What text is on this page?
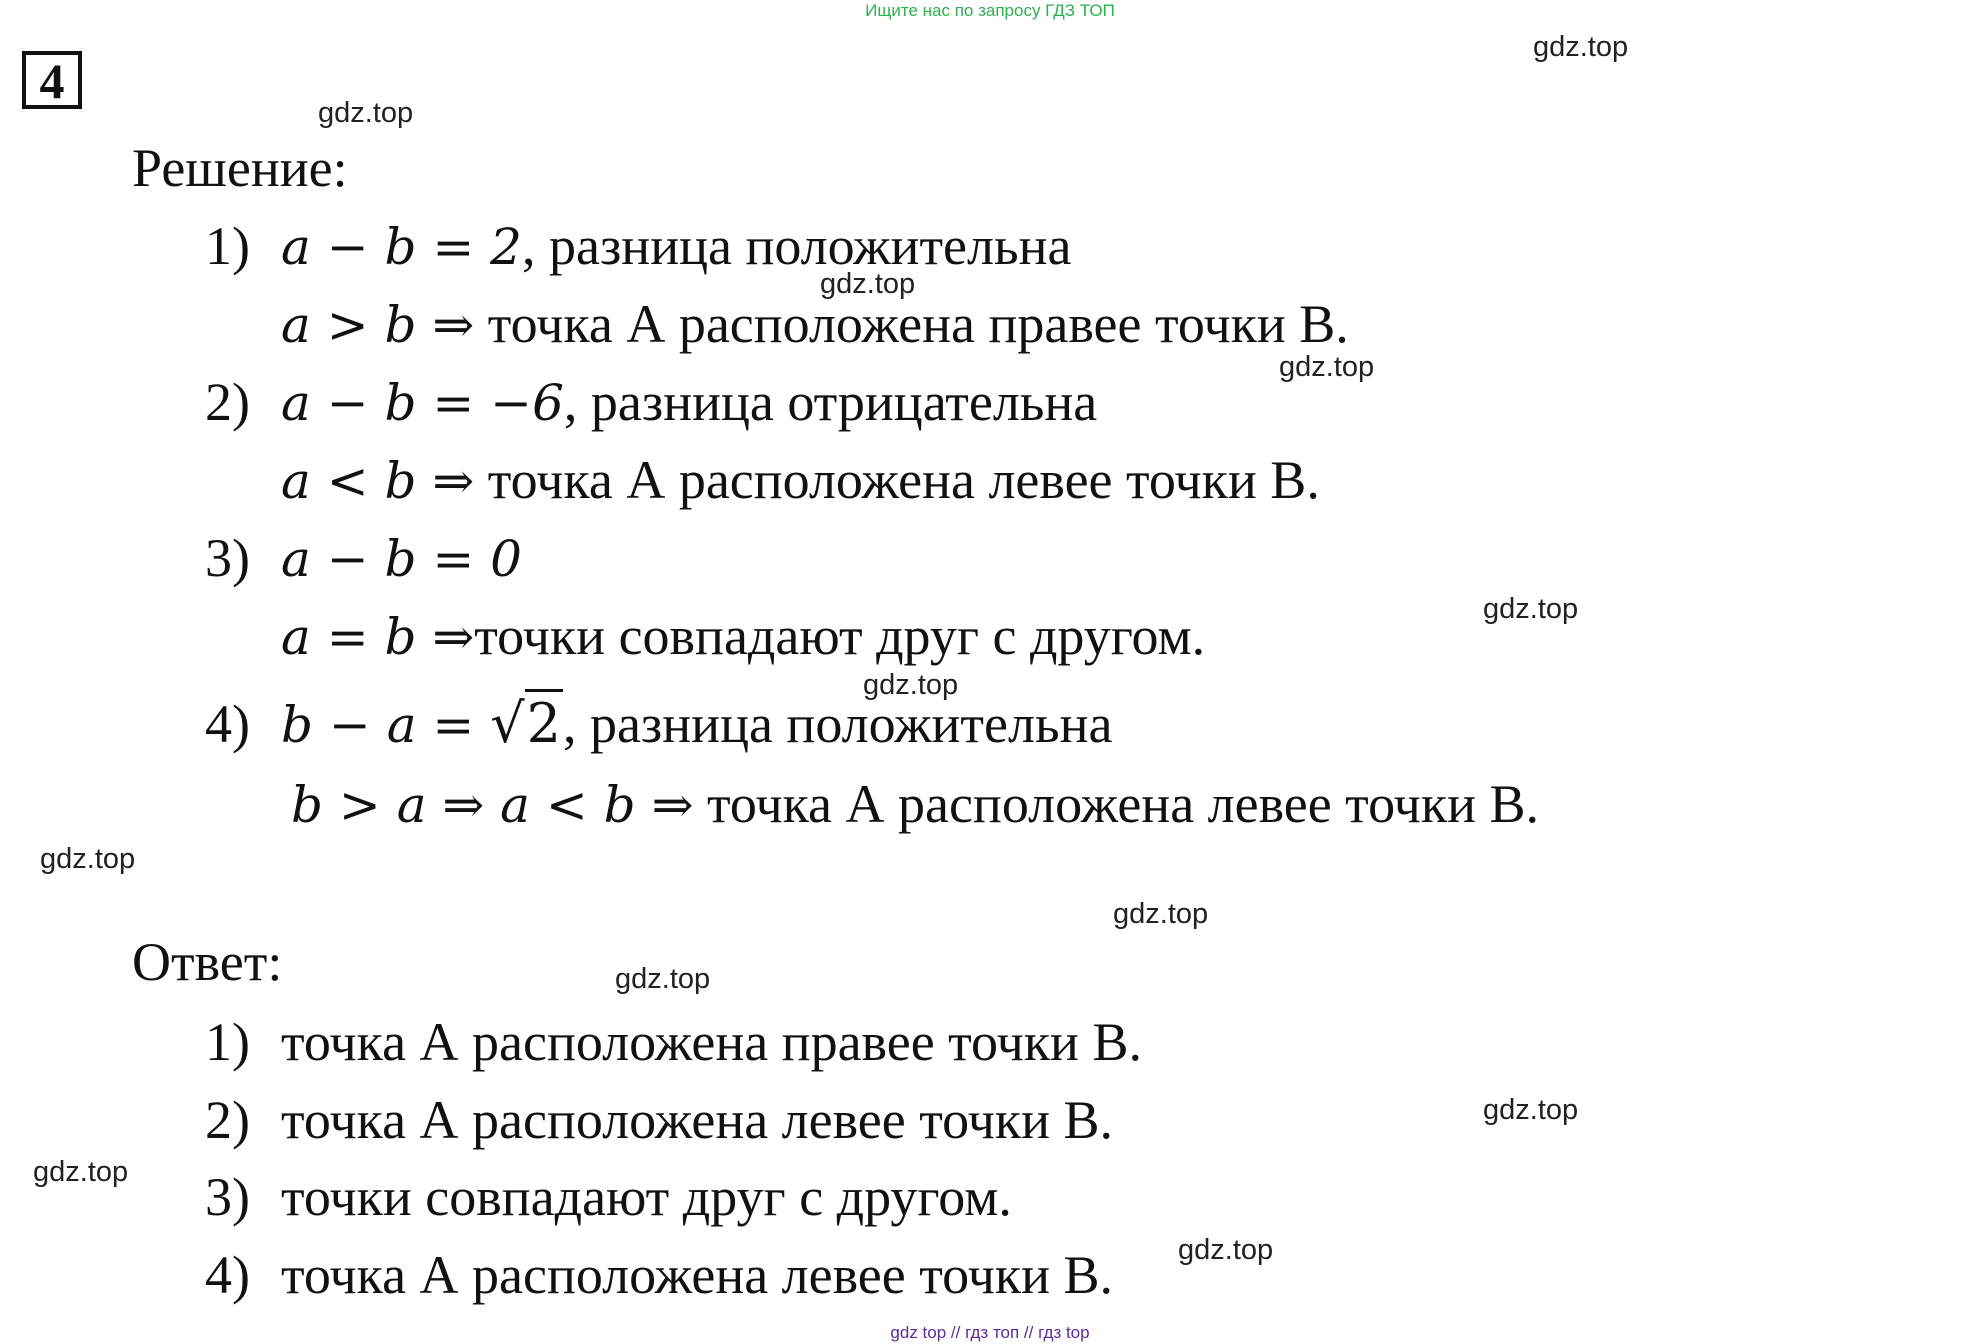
Ищите нас по запросу ГДЗ ТОП
4
gdz.top
gdz.top
gdz.top
gdz.top
gdz.top
gdz.top
gdz.top
gdz.top
gdz.top
gdz.top
gdz.top
gdz.top
Решение:
1) a − b = 2, разница положительна
a > b ⇒ точка А расположена правее точки В.
2) a − b = −6, разница отрицательна
a < b ⇒ точка А расположена левее точки В.
3) a − b = 0
a = b ⇒точки совпадают друг с другом.
4) b − a = √2, разница положительна
b > a ⇒ a < b ⇒ точка А расположена левее точки В.
Ответ:
1) точка А расположена правее точки В.
2) точка А расположена левее точки В.
3) точки совпадают друг с другом.
4) точка А расположена левее точки В.
gdz top // гдз топ // гдз top
